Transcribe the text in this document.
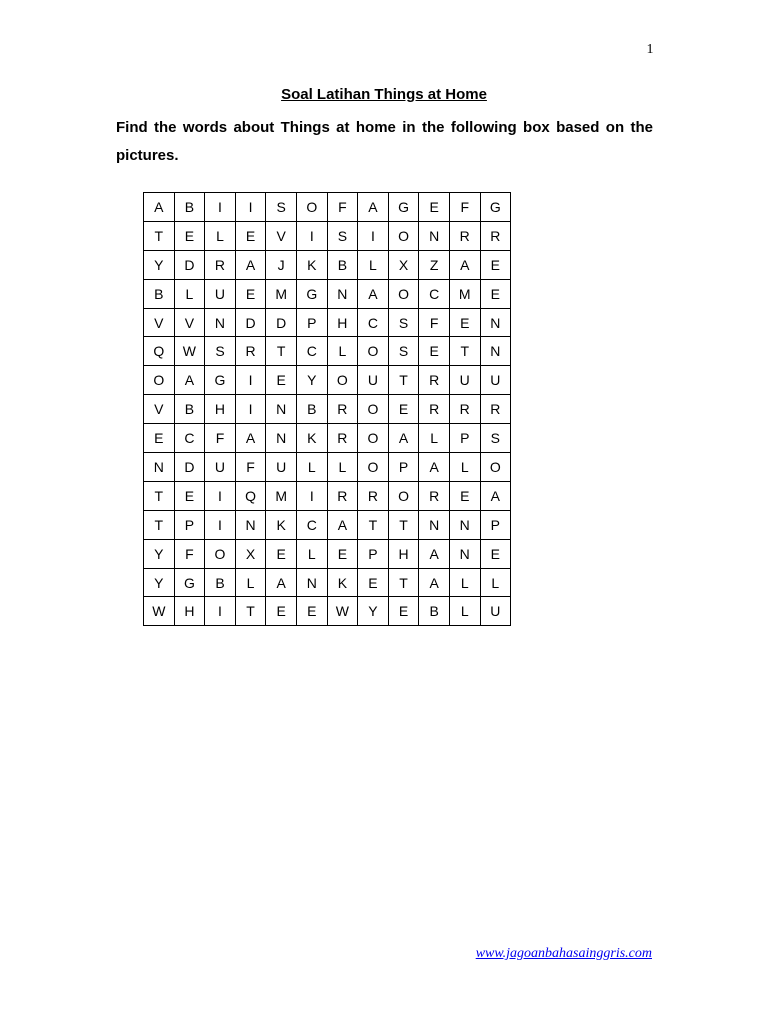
1
Soal Latihan Things at Home
Find the words about Things at home in the following box based on the pictures.
A	B	I	I	S	O	F	A	G	E	F	G
T	E	L	E	V	I	S	I	O	N	R	R
Y	D	R	A	J	K	B	L	X	Z	A	E
B	L	U	E	M	G	N	A	O	C	M	E
V	V	N	D	D	P	H	C	S	F	E	N
Q	W	S	R	T	C	L	O	S	E	T	N
O	A	G	I	E	Y	O	U	T	R	U	U
V	B	H	I	N	B	R	O	E	R	R	R
E	C	F	A	N	K	R	O	A	L	P	S
N	D	U	F	U	L	L	O	P	A	L	O
T	E	I	Q	M	I	R	R	O	R	E	A
T	P	I	N	K	C	A	T	T	N	N	P
Y	F	O	X	E	L	E	P	H	A	N	E
Y	G	B	L	A	N	K	E	T	A	L	L
W	H	I	T	E	E	W	Y	E	B	L	U
www.jagoanbahasainggris.com
